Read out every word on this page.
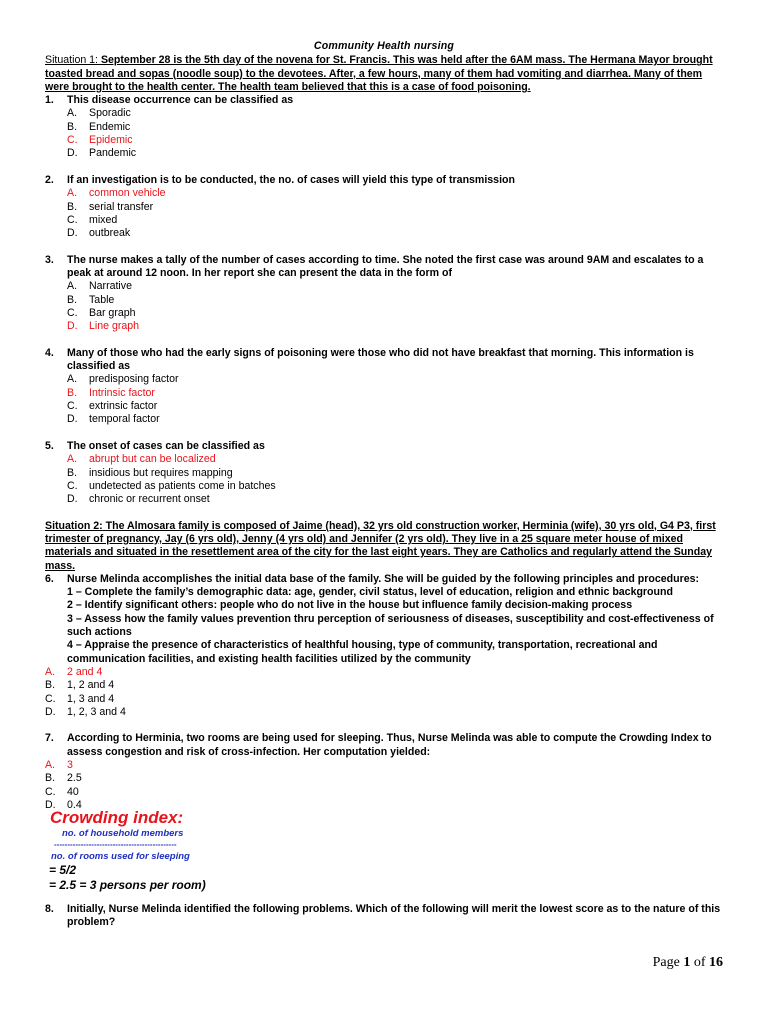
Community Health nursing
Situation 1: September 28 is the 5th day of the novena for St. Francis. This was held after the 6AM mass. The Hermana Mayor brought toasted bread and sopas (noodle soup) to the devotees. After, a few hours, many of them had vomiting and diarrhea. Many of them were brought to the health center. The health team believed that this is a case of food poisoning.
1.	This disease occurrence can be classified as
A.	Sporadic
B.	Endemic
C.	Epidemic
D.	Pandemic
2.	If an investigation is to be conducted, the no. of cases will yield this type of transmission
A.	common vehicle
B.	serial transfer
C.	mixed
D.	outbreak
3.	The nurse makes a tally of the number of cases according to time. She noted the first case was around 9AM and escalates to a peak at around 12 noon. In her report she can present the data in the form of
A.	Narrative
B.	Table
C.	Bar graph
D.	Line graph
4.	Many of those who had the early signs of poisoning were those who did not have breakfast that morning. This information is classified as
A.	predisposing factor
B.	Intrinsic factor
C.	extrinsic factor
D.	temporal factor
5.	The onset of cases can be classified as
A.	abrupt but can be localized
B.	insidious but requires mapping
C.	undetected as patients come in batches
D.	chronic or recurrent onset
Situation 2: The Almosara family is composed of Jaime (head), 32 yrs old construction worker, Herminia (wife), 30 yrs old, G4 P3, first trimester of pregnancy, Jay (6 yrs old), Jenny (4 yrs old) and Jennifer (2 yrs old). They live in a 25 square meter house of mixed materials and situated in the resettlement area of the city for the last eight years. They are Catholics and regularly attend the Sunday mass.
6.	Nurse Melinda accomplishes the initial data base of the family. She will be guided by the following principles and procedures:
1 – Complete the family’s demographic data: age, gender, civil status, level of education, religion and ethnic background
2 – Identify significant others: people who do not live in the house but influence family decision-making process
3 – Assess how the family values prevention thru perception of seriousness of diseases, susceptibility and cost-effectiveness of such actions
4 – Appraise the presence of characteristics of healthful housing, type of community, transportation, recreational and communication facilities, and existing health facilities utilized by the community
A.	2 and 4
B.	1, 2 and 4
C.	1, 3 and 4
D.	1, 2, 3 and 4
7.	According to Herminia, two rooms are being used for sleeping. Thus, Nurse Melinda was able to compute the Crowding Index to assess congestion and risk of cross-infection. Her computation yielded:
A.	3
B.	2.5
C.	40
D.	0.4
Crowding index:
no. of household members
----------------------------------------------
no. of rooms used for sleeping
= 5/2
= 2.5 = 3 persons per room)
8.	Initially, Nurse Melinda identified the following problems. Which of the following will merit the lowest score as to the nature of this problem?
Page 1 of 16
